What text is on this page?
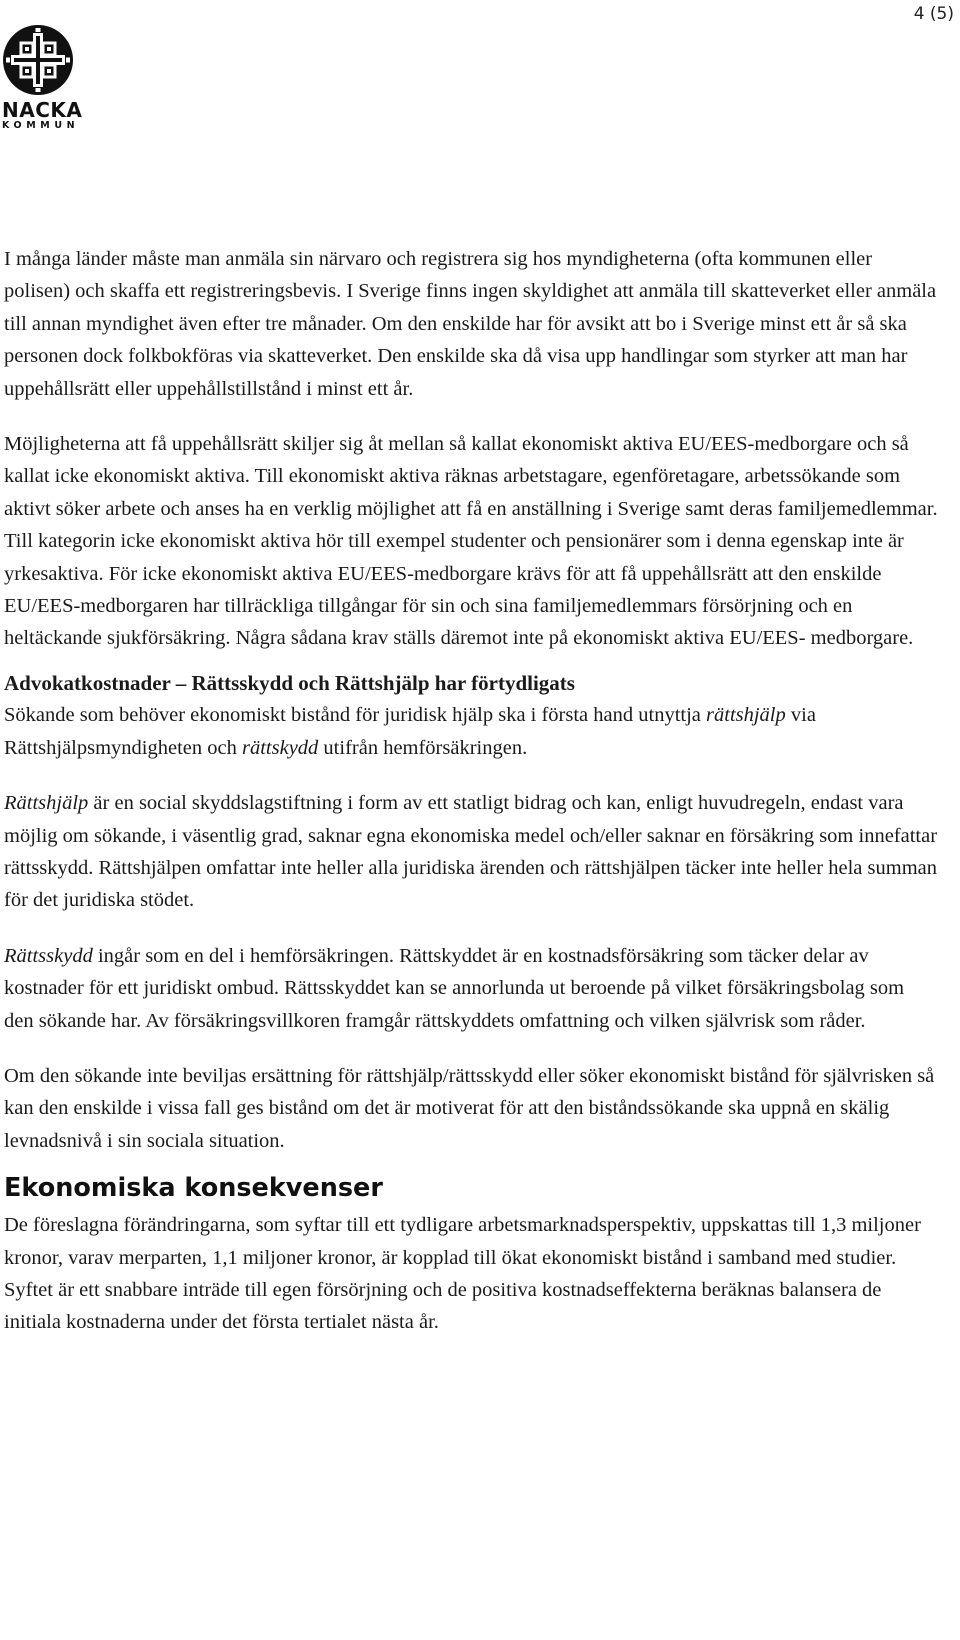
4 (5)
NACKA
KOMMUN

I många länder måste man anmäla sin närvaro och registrera sig hos myndigheterna (ofta kommunen eller polisen) och skaffa ett registreringsbevis. I Sverige finns ingen skyldighet att anmäla till skatteverket eller anmäla till annan myndighet även efter tre månader. Om den enskilde har för avsikt att bo i Sverige minst ett år så ska personen dock folkbokföras via skatteverket. Den enskilde ska då visa upp handlingar som styrker att man har uppehållsrätt eller uppehållstillstånd i minst ett år.

Möjligheterna att få uppehållsrätt skiljer sig åt mellan så kallat ekonomiskt aktiva EU/EES-medborgare och så kallat icke ekonomiskt aktiva. Till ekonomiskt aktiva räknas arbetstagare, egenföretagare, arbetssökande som aktivt söker arbete och anses ha en verklig möjlighet att få en anställning i Sverige samt deras familjemedlemmar. Till kategorin icke ekonomiskt aktiva hör till exempel studenter och pensionärer som i denna egenskap inte är yrkesaktiva. För icke ekonomiskt aktiva EU/EES-medborgare krävs för att få uppehållsrätt att den enskilde EU/EES-medborgaren har tillräckliga tillgångar för sin och sina familjemedlemmars försörjning och en heltäckande sjukförsäkring. Några sådana krav ställs däremot inte på ekonomiskt aktiva EU/EES- medborgare.

Advokatkostnader – Rättsskydd och Rättshjälp har förtydligats

Sökande som behöver ekonomiskt bistånd för juridisk hjälp ska i första hand utnyttja rättshjälp via Rättshjälpsmyndigheten och rättskydd utifrån hemförsäkringen.

Rättshjälp är en social skyddslagstiftning i form av ett statligt bidrag och kan, enligt huvudregeln, endast vara möjlig om sökande, i väsentlig grad, saknar egna ekonomiska medel och/eller saknar en försäkring som innefattar rättsskydd. Rättshjälpen omfattar inte heller alla juridiska ärenden och rättshjälpen täcker inte heller hela summan för det juridiska stödet.

Rättsskydd ingår som en del i hemförsäkringen. Rättskyddet är en kostnadsförsäkring som täcker delar av kostnader för ett juridiskt ombud. Rättsskyddet kan se annorlunda ut beroende på vilket försäkringsbolag som den sökande har. Av försäkringsvillkoren framgår rättskyddets omfattning och vilken självrisk som råder.

Om den sökande inte beviljas ersättning för rättshjälp/rättsskydd eller söker ekonomiskt bistånd för självrisken så kan den enskilde i vissa fall ges bistånd om det är motiverat för att den biståndssökande ska uppnå en skälig levnadsnivå i sin sociala situation.

Ekonomiska konsekvenser

De föreslagna förändringarna, som syftar till ett tydligare arbetsmarknadsperspektiv, uppskattas till 1,3 miljoner kronor, varav merparten, 1,1 miljoner kronor, är kopplad till ökat ekonomiskt bistånd i samband med studier. Syftet är ett snabbare inträde till egen försörjning och de positiva kostnadseffekterna beräknas balansera de initiala kostnaderna under det första tertialet nästa år.
